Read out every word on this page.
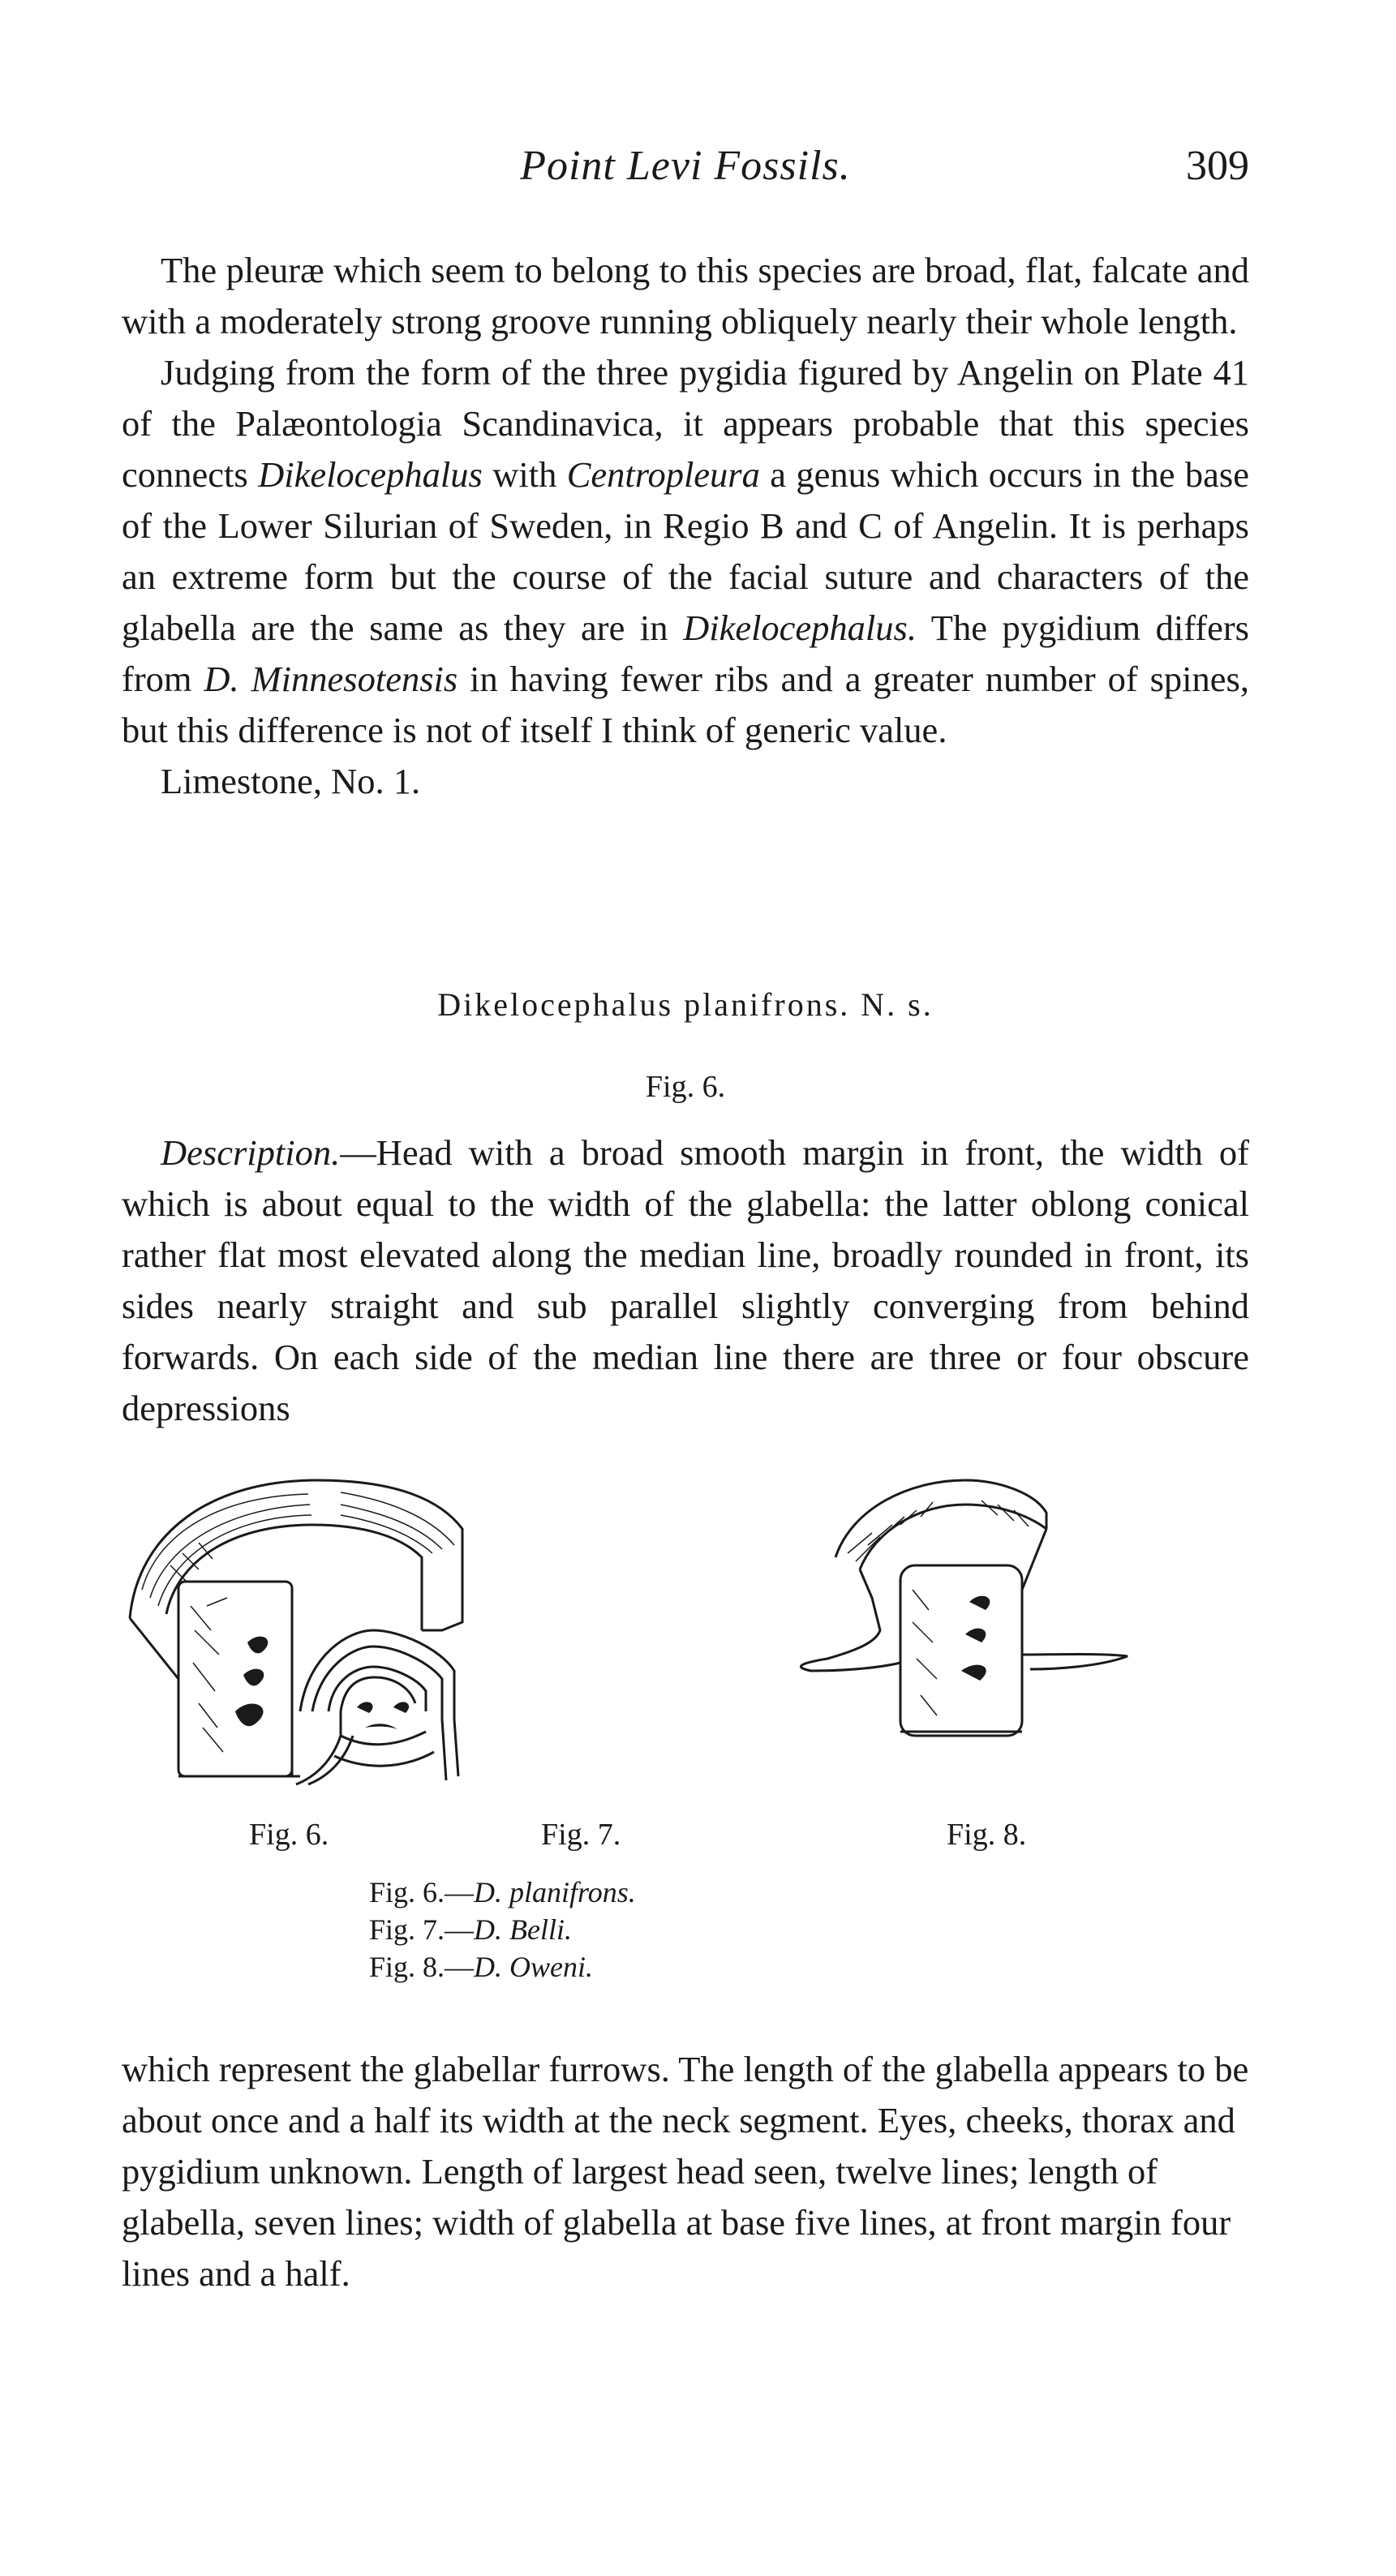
Point Levi Fossils.	309

The pleuræ which seem to belong to this species are broad, flat, falcate and with a moderately strong groove running obliquely nearly their whole length.

Judging from the form of the three pygidia figured by Angelin on Plate 41 of the Palæontologia Scandinavica, it appears probable that this species connects Dikelocephalus with Centropleura a genus which occurs in the base of the Lower Silurian of Sweden, in Regio B and C of Angelin. It is perhaps an extreme form but the course of the facial suture and characters of the glabella are the same as they are in Dikelocephalus. The pygidium differs from D. Minnesotensis in having fewer ribs and a greater number of spines, but this difference is not of itself I think of generic value.

Limestone, No. 1.

Dikelocephalus planifrons. N. s.
Fig. 6.

Description.—Head with a broad smooth margin in front, the width of which is about equal to the width of the glabella: the latter oblong conical rather flat most elevated along the median line, broadly rounded in front, its sides nearly straight and sub parallel slightly converging from behind forwards. On each side of the median line there are three or four obscure depressions

Fig. 6.	Fig. 7.	Fig. 8.
Fig. 6.—D. planifrons.
Fig. 7.—D. Belli.
Fig. 8.—D. Oweni.

which represent the glabellar furrows. The length of the glabella appears to be about once and a half its width at the neck segment. Eyes, cheeks, thorax and pygidium unknown. Length of largest head seen, twelve lines; length of glabella, seven lines; width of glabella at base five lines, at front margin four lines and a half.
